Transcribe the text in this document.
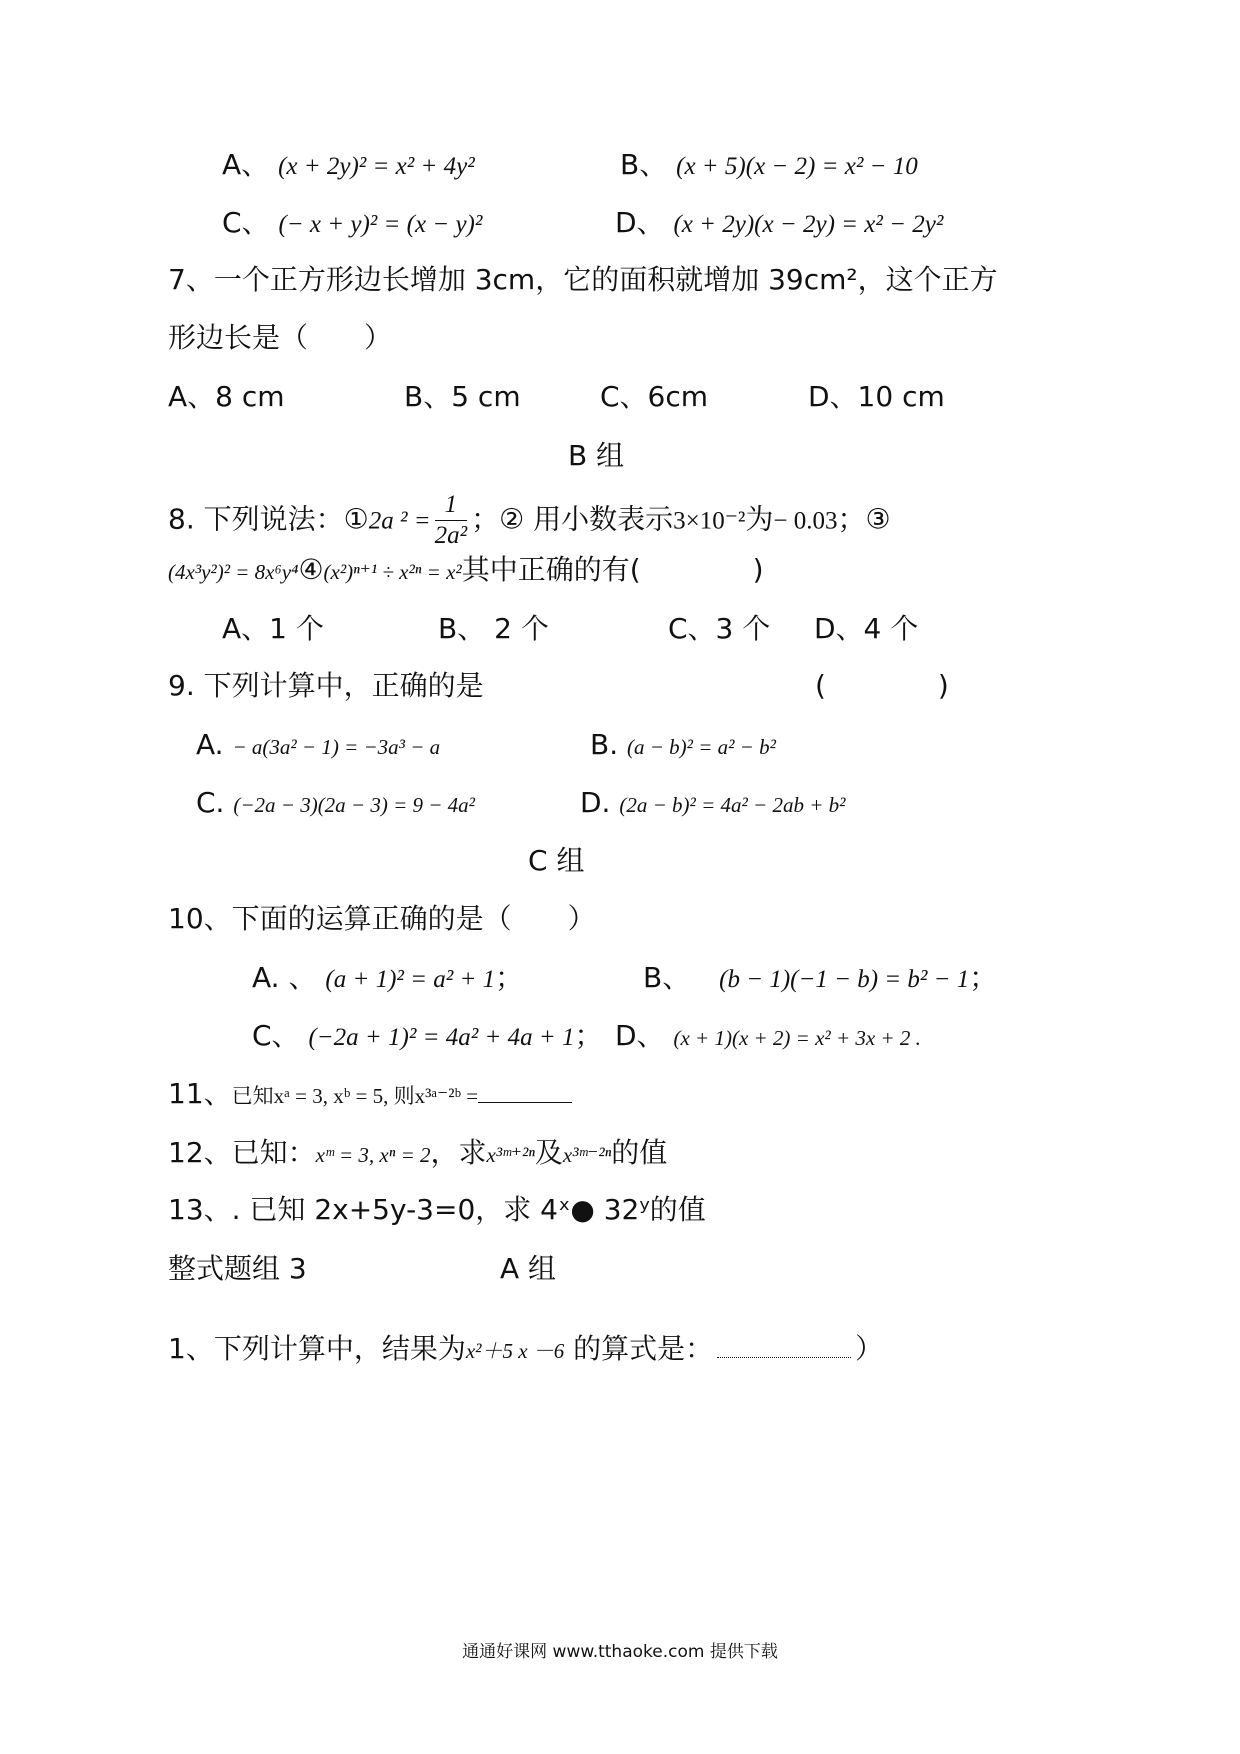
A、 (x + 2y)² = x² + 4y²	B、 (x + 5)(x − 2) = x² − 10
C、 (− x + y)² = (x − y)²	D、 (x + 2y)(x − 2y) = x² − 2y²
7、一个正方形边长增加 3cm，它的面积就增加 39cm²，这个正方
形边长是（　　）
A、8 cm	B、5 cm	C、6cm	D、10 cm
B 组
8. 下列说法：①2a $^2 = \frac{1}{\text{2a²}}$ ；② 用小数表示3×10⁻²为− 0.03；③
(4x³y²)² = 8x⁶y⁴④(x²)ⁿ⁺¹ ÷ x²ⁿ = x²其中正确的有(　　　　)
A、1 个	B、 2 个	C、3 个 D、4 个
9. 下列计算中，正确的是	(　　　　)
A. − a(3a² − 1) = −3a³ − a	B. (a − b)² = a² − b²
C. (−2a − 3)(2a − 3) = 9 − 4a²	D. (2a − b)² = 4a² − 2ab + b²
C 组
10、下面的运算正确的是（　　）
A. 、 (a + 1)² = a² + 1；	B、 (b − 1)(−1 − b) = b² − 1；
C、 (−2a + 1)² = 4a² + 4a + 1； D、 (x + 1)(x + 2) = x² + 3x + 2 .
11、已知xᵃ = 3, xᵇ = 5, 则x³ᵃ⁻²ᵇ =
12、已知：xᵐ = 3, xⁿ = 2，求x³ᵐ⁺²ⁿ及x³ᵐ⁻²ⁿ的值
13、. 已知 2x+5y-3=0，求 4ˣ● 32ʸ的值
整式题组 3	A 组
1、下列计算中，结果为x²＋5 x －6 的算式是：	）
通通好课网 www.tthaoke.com 提供下载
